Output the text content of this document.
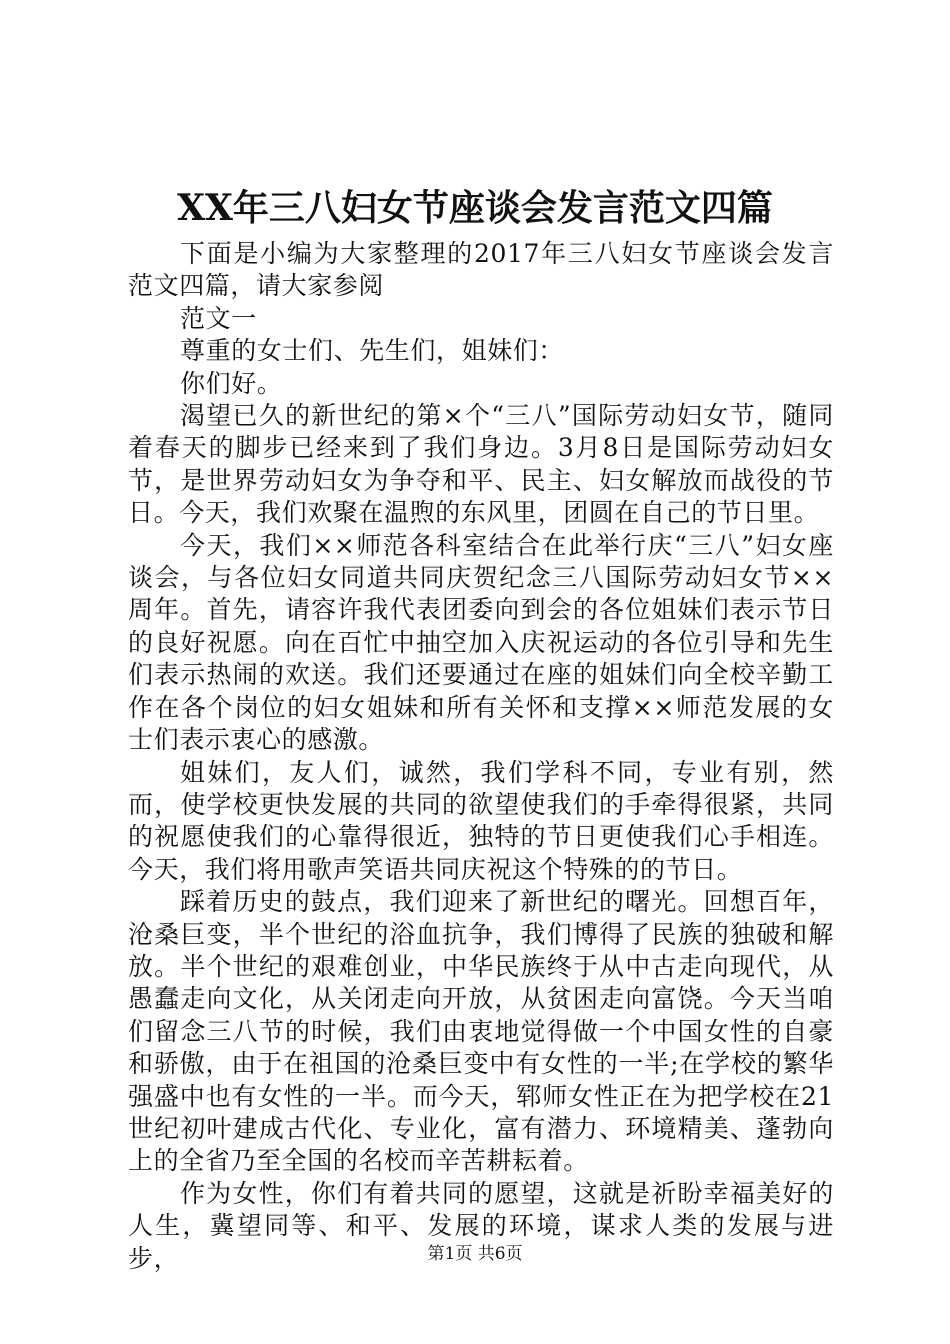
XX年三八妇女节座谈会发言范文四篇

下面是小编为大家整理的2017年三八妇女节座谈会发言范文四篇，请大家参阅

范文一

尊重的女士们、先生们，姐妹们：

你们好。

渴望已久的新世纪的第×个“三八”国际劳动妇女节，随同着春天的脚步已经来到了我们身边。3月8日是国际劳动妇女节，是世界劳动妇女为争夺和平、民主、妇女解放而战役的节日。今天，我们欢聚在温煦的东风里，团圆在自己的节日里。

今天，我们××师范各科室结合在此举行庆“三八”妇女座谈会，与各位妇女同道共同庆贺纪念三八国际劳动妇女节××周年。首先，请容许我代表团委向到会的各位姐妹们表示节日的良好祝愿。向在百忙中抽空加入庆祝运动的各位引导和先生们表示热闹的欢送。我们还要通过在座的姐妹们向全校辛勤工作在各个岗位的妇女姐妹和所有关怀和支撑××师范发展的女士们表示衷心的感激。

姐妹们，友人们，诚然，我们学科不同，专业有别，然而，使学校更快发展的共同的欲望使我们的手牵得很紧，共同的祝愿使我们的心靠得很近，独特的节日更使我们心手相连。今天，我们将用歌声笑语共同庆祝这个特殊的的节日。

踩着历史的鼓点，我们迎来了新世纪的曙光。回想百年，沧桑巨变，半个世纪的浴血抗争，我们博得了民族的独破和解放。半个世纪的艰难创业，中华民族终于从中古走向现代，从愚蠢走向文化，从关闭走向开放，从贫困走向富饶。今天当咱们留念三八节的时候，我们由衷地觉得做一个中国女性的自豪和骄傲，由于在祖国的沧桑巨变中有女性的一半;在学校的繁华强盛中也有女性的一半。而今天，郓师女性正在为把学校在21世纪初叶建成古代化、专业化，富有潜力、环境精美、蓬勃向上的全省乃至全国的名校而辛苦耕耘着。

作为女性，你们有着共同的愿望，这就是祈盼幸福美好的人生，冀望同等、和平、发展的环境，谋求人类的发展与进步，	第1页 共6页
